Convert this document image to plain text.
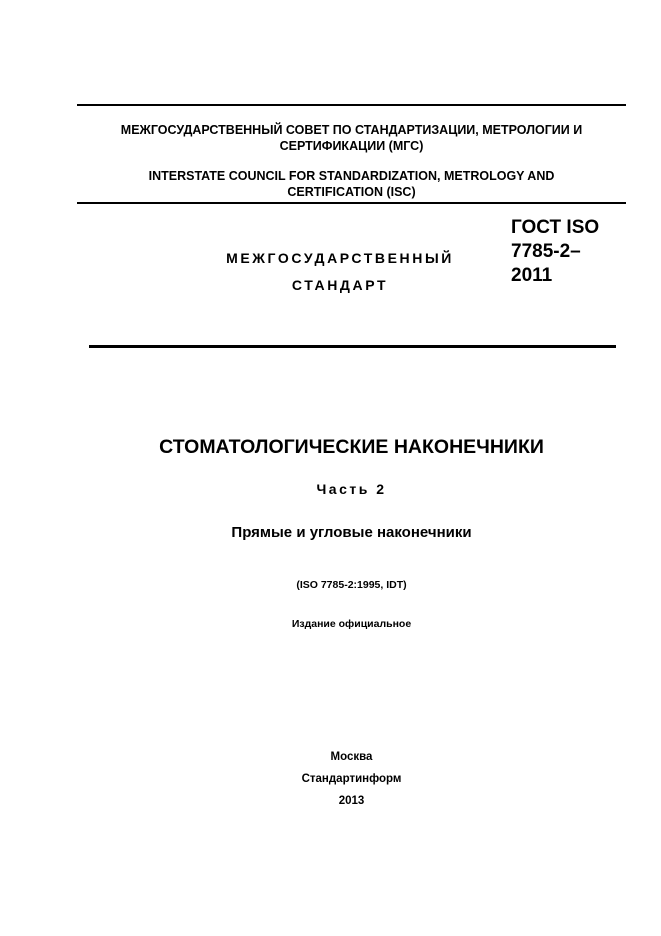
МЕЖГОСУДАРСТВЕННЫЙ СОВЕТ ПО СТАНДАРТИЗАЦИИ, МЕТРОЛОГИИ И
СЕРТИФИКАЦИИ (МГС)
INTERSTATE COUNCIL FOR STANDARDIZATION, METROLOGY AND
CERTIFICATION (ISC)
МЕЖГОСУДАРСТВЕННЫЙ
СТАНДАРТ
ГОСТ ISO
7785-2–
2011
СТОМАТОЛОГИЧЕСКИЕ НАКОНЕЧНИКИ
Часть 2
Прямые и угловые наконечники
(ISO 7785-2:1995, IDT)
Издание официальное
Москва
Стандартинформ
2013
